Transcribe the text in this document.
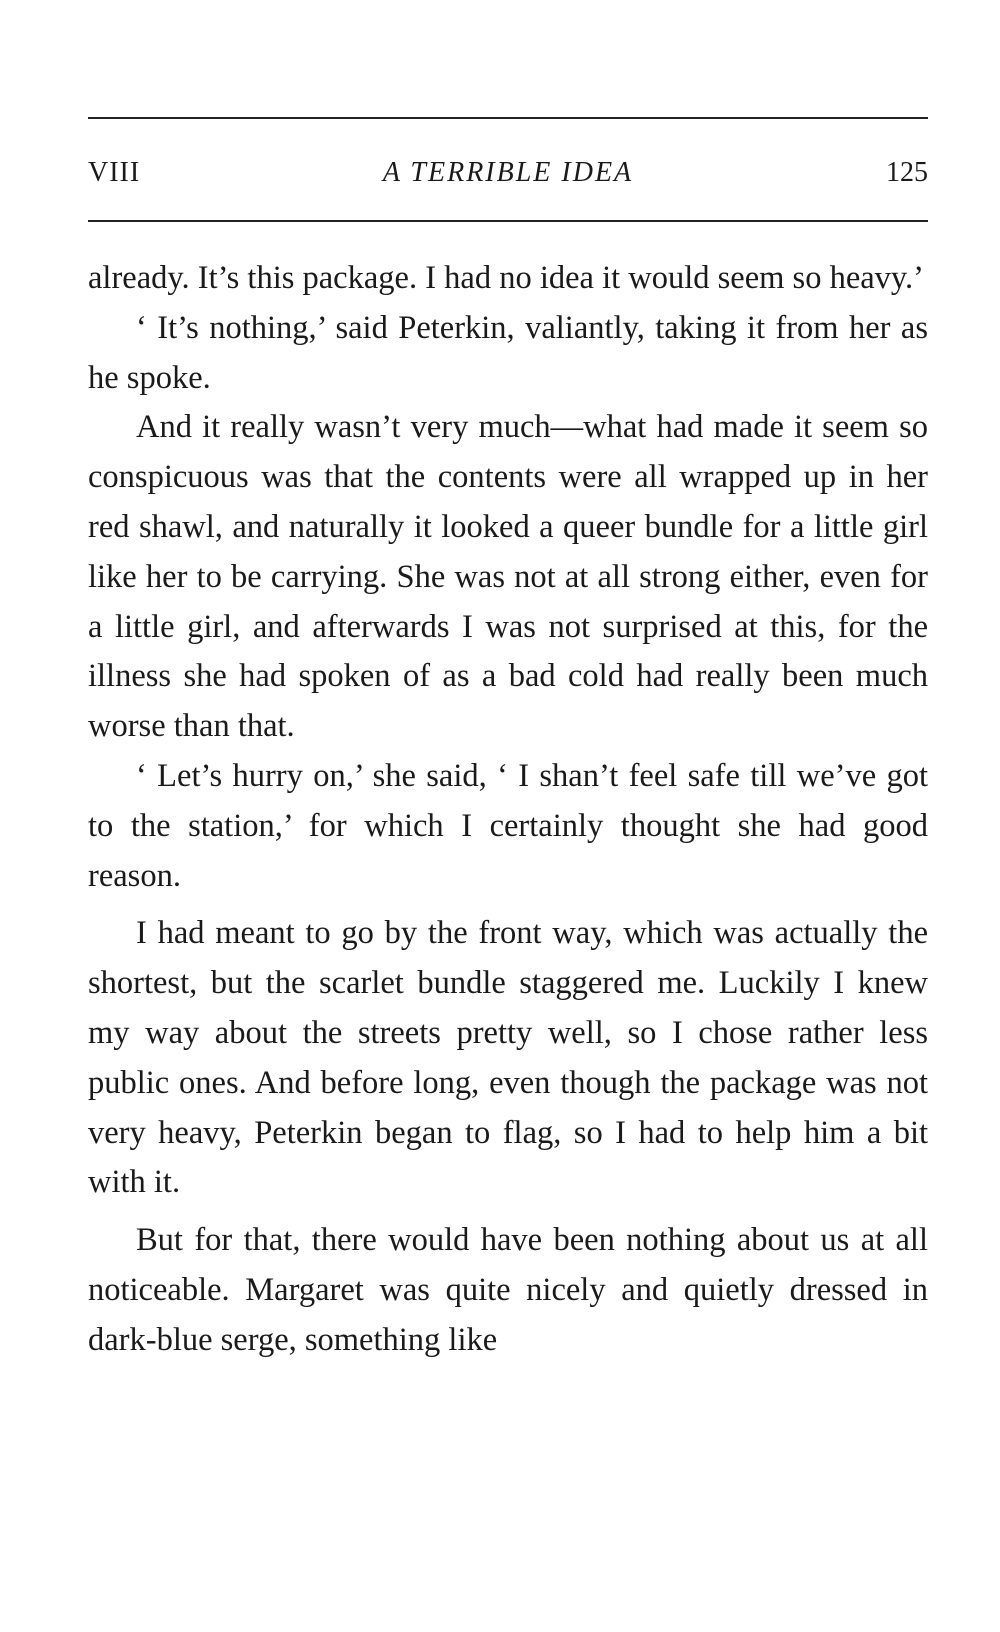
VIII	A TERRIBLE IDEA	125

already. It’s this package. I had no idea it would seem so heavy.’

‘ It’s nothing,’ said Peterkin, valiantly, taking it from her as he spoke.

And it really wasn’t very much—what had made it seem so conspicuous was that the contents were all wrapped up in her red shawl, and naturally it looked a queer bundle for a little girl like her to be carrying. She was not at all strong either, even for a little girl, and afterwards I was not surprised at this, for the illness she had spoken of as a bad cold had really been much worse than that.

‘ Let’s hurry on,’ she said, ‘ I shan’t feel safe till we’ve got to the station,’ for which I certainly thought she had good reason.

I had meant to go by the front way, which was actually the shortest, but the scarlet bundle staggered me. Luckily I knew my way about the streets pretty well, so I chose rather less public ones. And before long, even though the package was not very heavy, Peterkin began to flag, so I had to help him a bit with it.

But for that, there would have been nothing about us at all noticeable. Margaret was quite nicely and quietly dressed in dark-blue serge, something like
